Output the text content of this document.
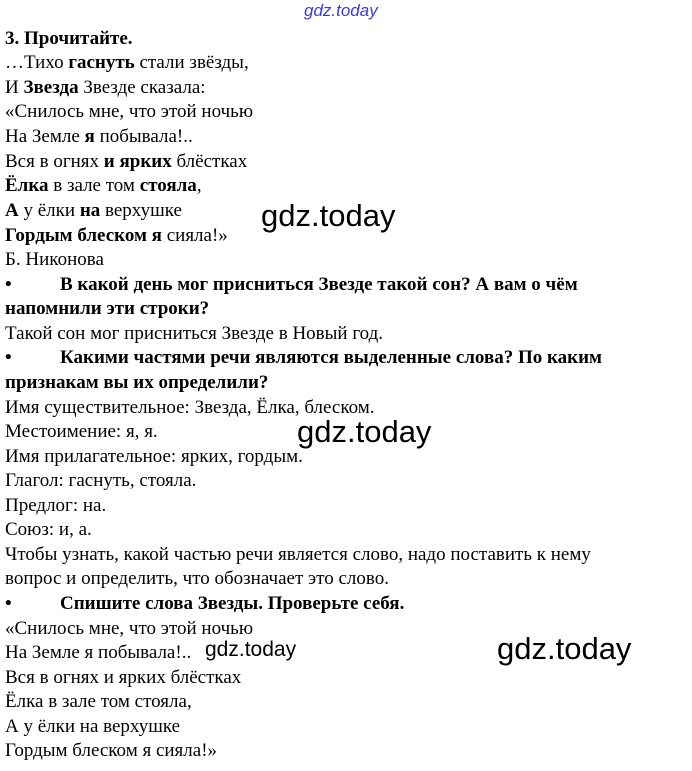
gdz.today
3. Прочитайте.
…Тихо гаснуть стали звёзды,
И Звезда Звезде сказала:
«Снилось мне, что этой ночью
На Земле я побывала!..
Вся в огнях и ярких блёстках
Ёлка в зале том стояла,
А у ёлки на верхушке
Гордым блеском я сияла!»
Б. Никонова
•	В какой день мог присниться Звезде такой сон? А вам о чём
напомнили эти строки?
Такой сон мог присниться Звезде в Новый год.
•	Какими частями речи являются выделенные слова? По каким
признакам вы их определили?
Имя существительное: Звезда, Ёлка, блеском.
Местоимение: я, я.
Имя прилагательное: ярких, гордым.
Глагол: гаснуть, стояла.
Предлог: на.
Союз: и, а.
Чтобы узнать, какой частью речи является слово, надо поставить к нему
вопрос и определить, что обозначает это слово.
•	Спишите слова Звезды. Проверьте себя.
«Снилось мне, что этой ночью
На Земле я побывала!..
Вся в огнях и ярких блёстках
Ёлка в зале том стояла,
А у ёлки на верхушке
Гордым блеском я сияла!»
gdz.today
gdz.today
gdz.today
gdz.today
